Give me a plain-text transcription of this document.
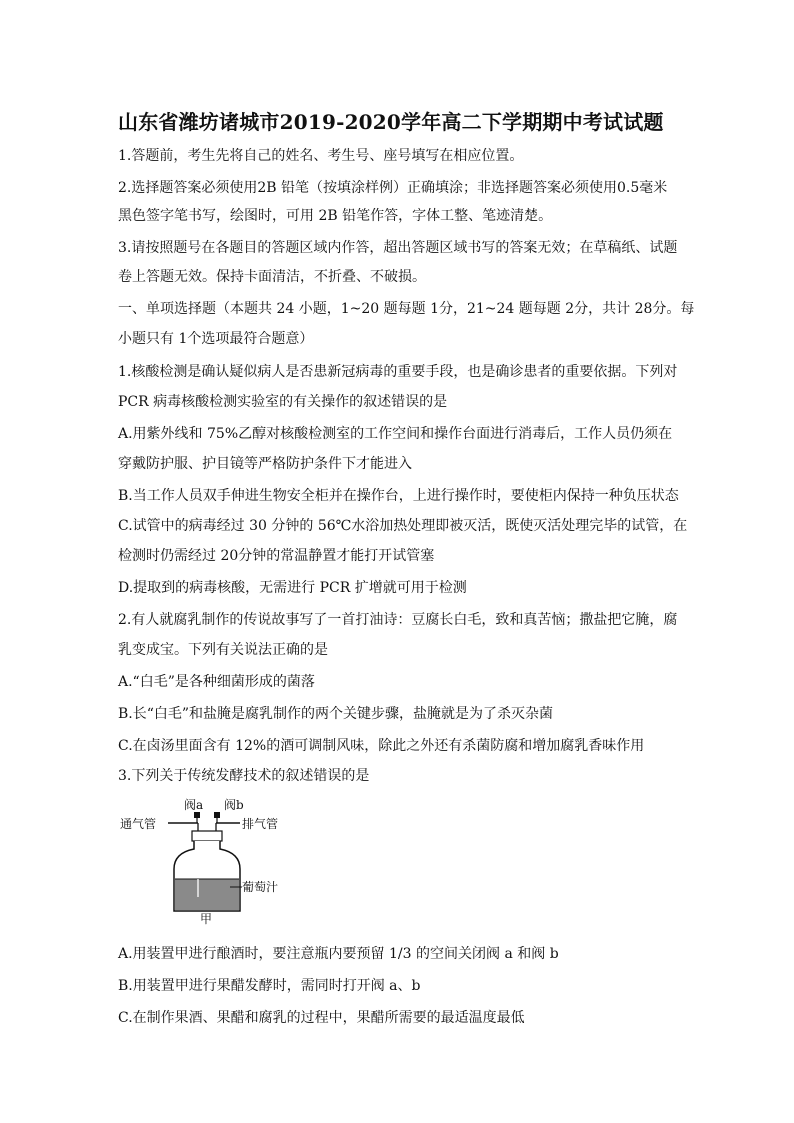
山东省潍坊诸城市2019-2020学年高二下学期期中考试试题
1.答题前，考生先将自己的姓名、考生号、座号填写在相应位置。
2.选择题答案必须使用2B 铅笔（按填涂样例）正确填涂；非选择题答案必须使用0.5毫米
黑色签字笔书写，绘图时，可用 2B 铅笔作答，字体工整、笔迹清楚。
3.请按照题号在各题目的答题区域内作答，超出答题区域书写的答案无效；在草稿纸、试题
卷上答题无效。保持卡面清洁，不折叠、不破损。
一、单项选择题（本题共 24 小题，1~20 题每题 1分，21~24 题每题 2分，共计 28分。每
小题只有 1个选项最符合题意）
1.核酸检测是确认疑似病人是否患新冠病毒的重要手段，也是确诊患者的重要依据。下列对
PCR 病毒核酸检测实验室的有关操作的叙述错误的是
A.用紫外线和 75%乙醇对核酸检测室的工作空间和操作台面进行消毒后，工作人员仍须在
穿戴防护服、护目镜等严格防护条件下才能进入
B.当工作人员双手伸进生物安全柜并在操作台，上进行操作时，要使柜内保持一种负压状态
C.试管中的病毒经过 30 分钟的 56℃水浴加热处理即被灭活，既使灭活处理完毕的试管，在
检测时仍需经过 20分钟的常温静置才能打开试管塞
D.提取到的病毒核酸，无需进行 PCR 扩增就可用于检测
2.有人就腐乳制作的传说故事写了一首打油诗：豆腐长白毛，致和真苦恼；撒盐把它腌，腐
乳变成宝。下列有关说法正确的是
A.“白毛”是各种细菌形成的菌落
B.长“白毛”和盐腌是腐乳制作的两个关键步骤，盐腌就是为了杀灭杂菌
C.在卤汤里面含有 12%的酒可调制风味，除此之外还有杀菌防腐和增加腐乳香味作用
3.下列关于传统发酵技术的叙述错误的是
阀a 阀b
通气管	排气管
葡萄汁
甲
A.用装置甲进行酿酒时，要注意瓶内要预留 1/3 的空间关闭阀 a 和阀 b
B.用装置甲进行果醋发酵时，需同时打开阀 a、b
C.在制作果酒、果醋和腐乳的过程中，果醋所需要的最适温度最低
